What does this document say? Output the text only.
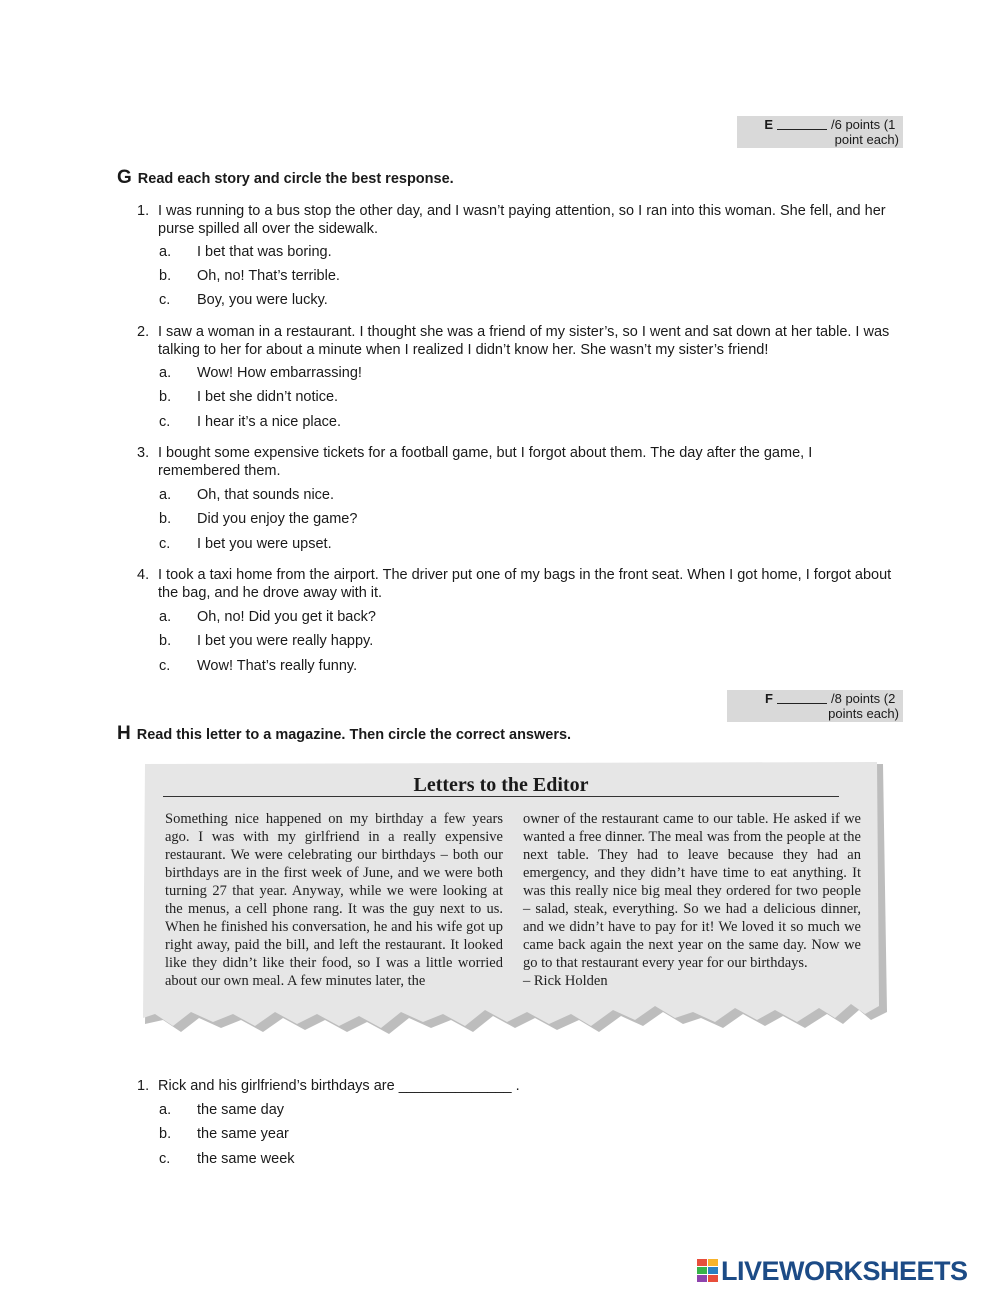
E	/6 points (1
point each)
G Read each story and circle the best response.
1. I was running to a bus stop the other day, and I wasn’t paying attention, so I ran into this woman. She fell, and her purse spilled all over the sidewalk.
a. I bet that was boring.
b. Oh, no! That’s terrible.
c. Boy, you were lucky.
2. I saw a woman in a restaurant. I thought she was a friend of my sister’s, so I went and sat down at her table. I was talking to her for about a minute when I realized I didn’t know her. She wasn’t my sister’s friend!
a. Wow! How embarrassing!
b. I bet she didn’t notice.
c. I hear it’s a nice place.
3. I bought some expensive tickets for a football game, but I forgot about them. The day after the game, I remembered them.
a. Oh, that sounds nice.
b. Did you enjoy the game?
c. I bet you were upset.
4. I took a taxi home from the airport. The driver put one of my bags in the front seat. When I got home, I forgot about the bag, and he drove away with it.
a. Oh, no! Did you get it back?
b. I bet you were really happy.
c. Wow! That’s really funny.
F	/8 points (2
points each)
H Read this letter to a magazine. Then circle the correct answers.
Letters to the Editor

Something nice happened on my birthday a few years ago. I was with my girlfriend in a really expensive restaurant. We were celebrating our birthdays – both our birthdays are in the first week of June, and we were both turning 27 that year. Anyway, while we were looking at the menus, a cell phone rang. It was the guy next to us. When he finished his conversation, he and his wife got up right away, paid the bill, and left the restaurant. It looked like they didn’t like their food, so I was a little worried about our own meal. A few minutes later, the

owner of the restaurant came to our table. He asked if we wanted a free dinner. The meal was from the people at the next table. They had to leave because they had an emergency, and they didn’t have time to eat anything. It was this really nice big meal they ordered for two people – salad, steak, everything. So we had a delicious dinner, and we didn’t have to pay for it! We loved it so much we came back again the next year on the same day. Now we go to that restaurant every year for our birthdays.

– Rick Holden

1. Rick and his girlfriend’s birthdays are ______________ .
a. the same day
b. the same year
c. the same week
LIVEWORKSHEETS
